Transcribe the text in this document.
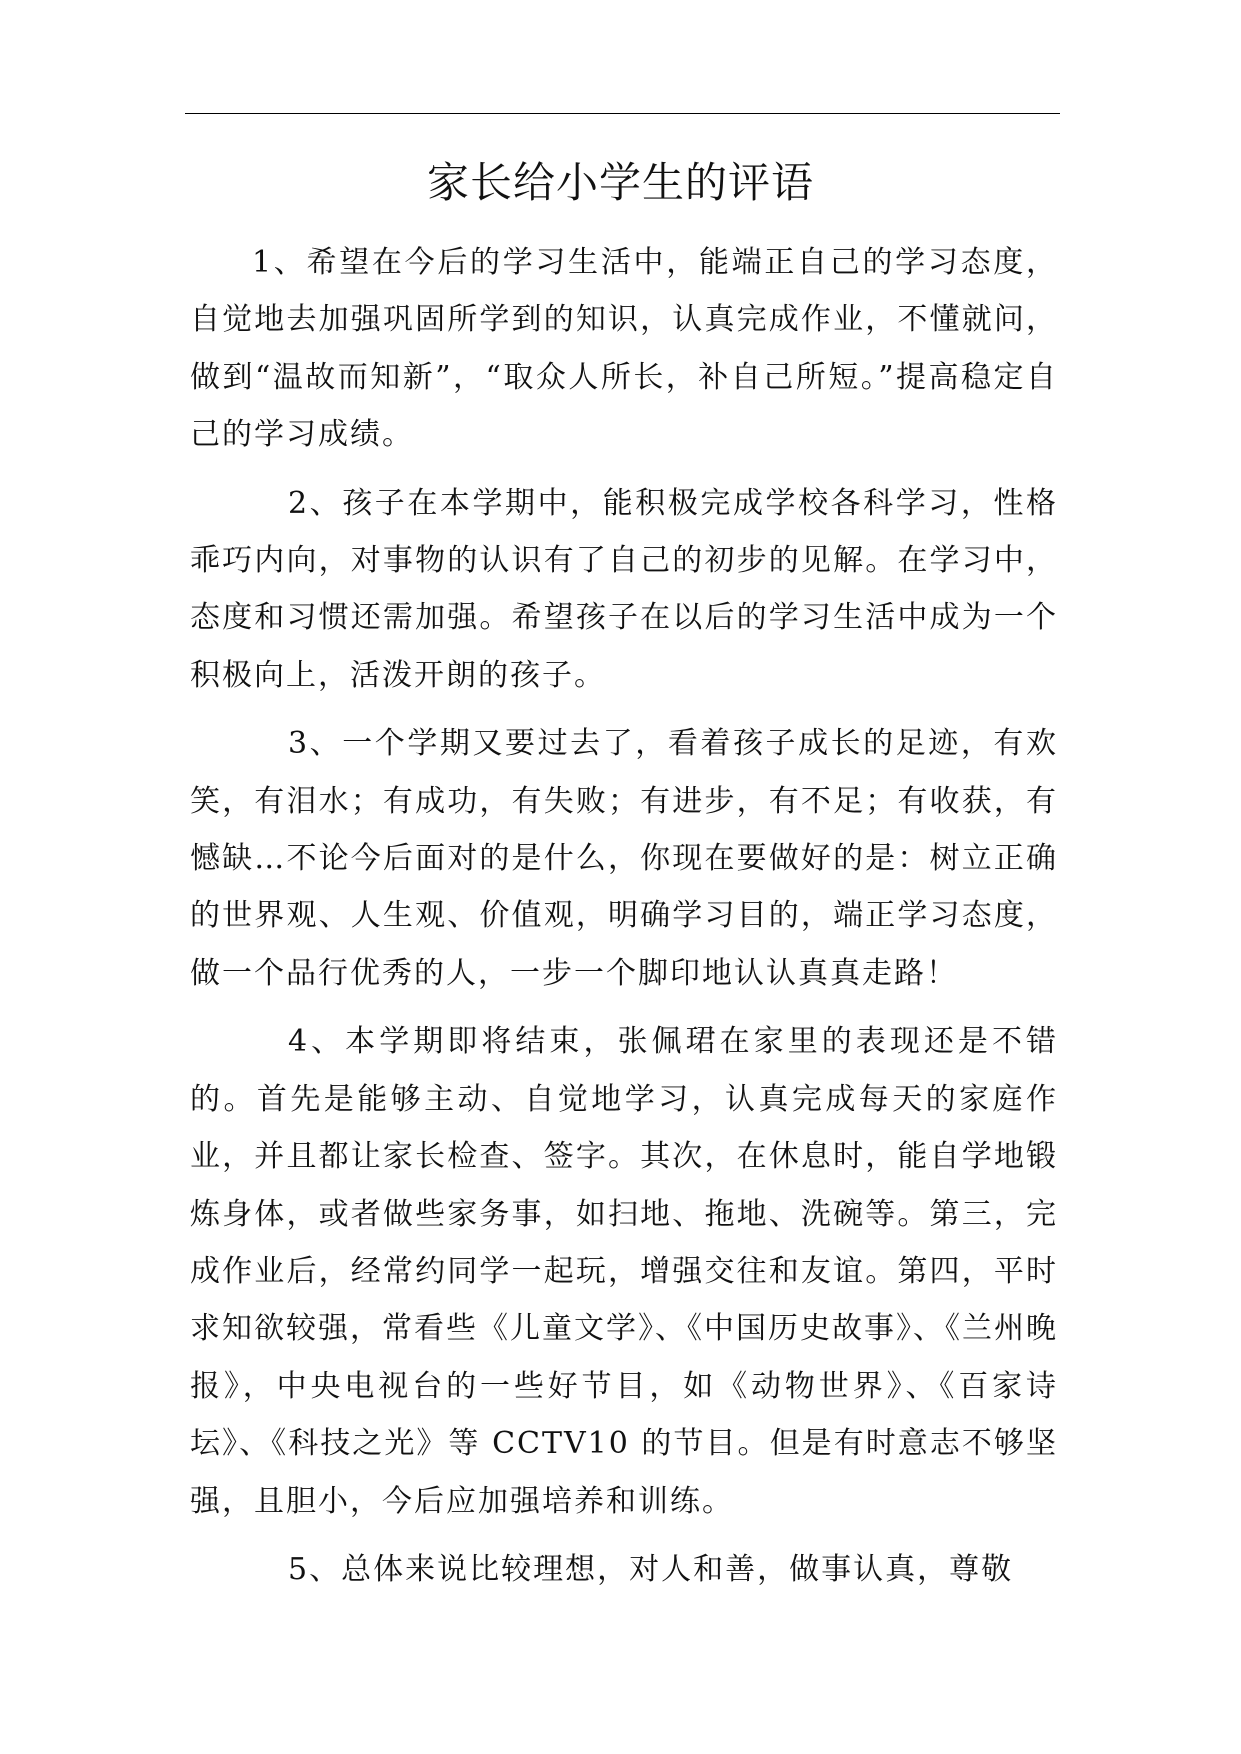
家长给小学生的评语

1、希望在今后的学习生活中，能端正自己的学习态度，自觉地去加强巩固所学到的知识，认真完成作业，不懂就问，做到“温故而知新”，“取众人所长，补自己所短。”提高稳定自己的学习成绩。

2、孩子在本学期中，能积极完成学校各科学习，性格乖巧内向，对事物的认识有了自己的初步的见解。在学习中，态度和习惯还需加强。希望孩子在以后的学习生活中成为一个积极向上，活泼开朗的孩子。

3、一个学期又要过去了，看着孩子成长的足迹，有欢笑，有泪水；有成功，有失败；有进步，有不足；有收获，有憾缺…不论今后面对的是什么，你现在要做好的是：树立正确的世界观、人生观、价值观，明确学习目的，端正学习态度，做一个品行优秀的人，一步一个脚印地认认真真走路！

4、本学期即将结束，张佩珺在家里的表现还是不错的。首先是能够主动、自觉地学习，认真完成每天的家庭作业，并且都让家长检查、签字。其次，在休息时，能自学地锻炼身体，或者做些家务事，如扫地、拖地、洗碗等。第三，完成作业后，经常约同学一起玩，增强交往和友谊。第四，平时求知欲较强，常看些《儿童文学》、《中国历史故事》、《兰州晚报》，中央电视台的一些好节目，如《动物世界》、《百家诗坛》、《科技之光》等 CCTV10 的节目。但是有时意志不够坚强，且胆小，今后应加强培养和训练。

5、总体来说比较理想，对人和善，做事认真，尊敬
